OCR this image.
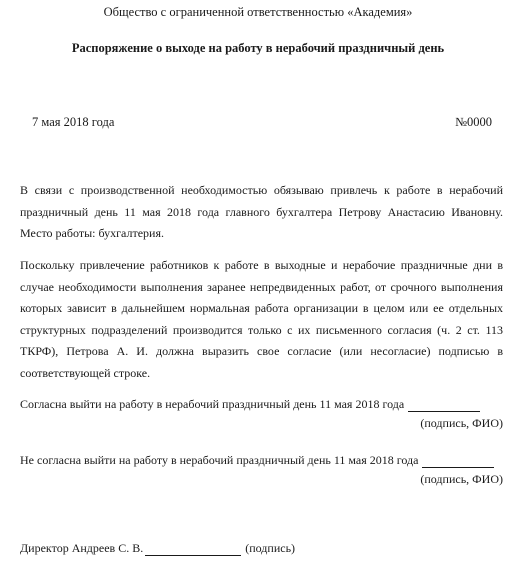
Общество с ограниченной ответственностью «Академия»
Распоряжение о выходе на работу в нерабочий праздничный день
7 мая 2018 года	№0000
В связи с производственной необходимостью обязываю привлечь к работе в нерабочий праздничный день 11 мая 2018 года главного бухгалтера Петрову Анастасию Ивановну. Место работы: бухгалтерия.
Поскольку привлечение работников к работе в выходные и нерабочие праздничные дни в случае необходимости выполнения заранее непредвиденных работ, от срочного выполнения которых зависит в дальнейшем нормальная работа организации в целом или ее отдельных структурных подразделений производится только с их письменного согласия (ч. 2 ст. 113 ТКРФ), Петрова А. И. должна выразить свое согласие (или несогласие) подписью в соответствующей строке.
Согласна выйти на работу в нерабочий праздничный день 11 мая 2018 года
(подпись, ФИО)
Не согласна выйти на работу в нерабочий праздничный день 11 мая 2018 года
(подпись, ФИО)
Директор Андреев С. В.	(подпись)
